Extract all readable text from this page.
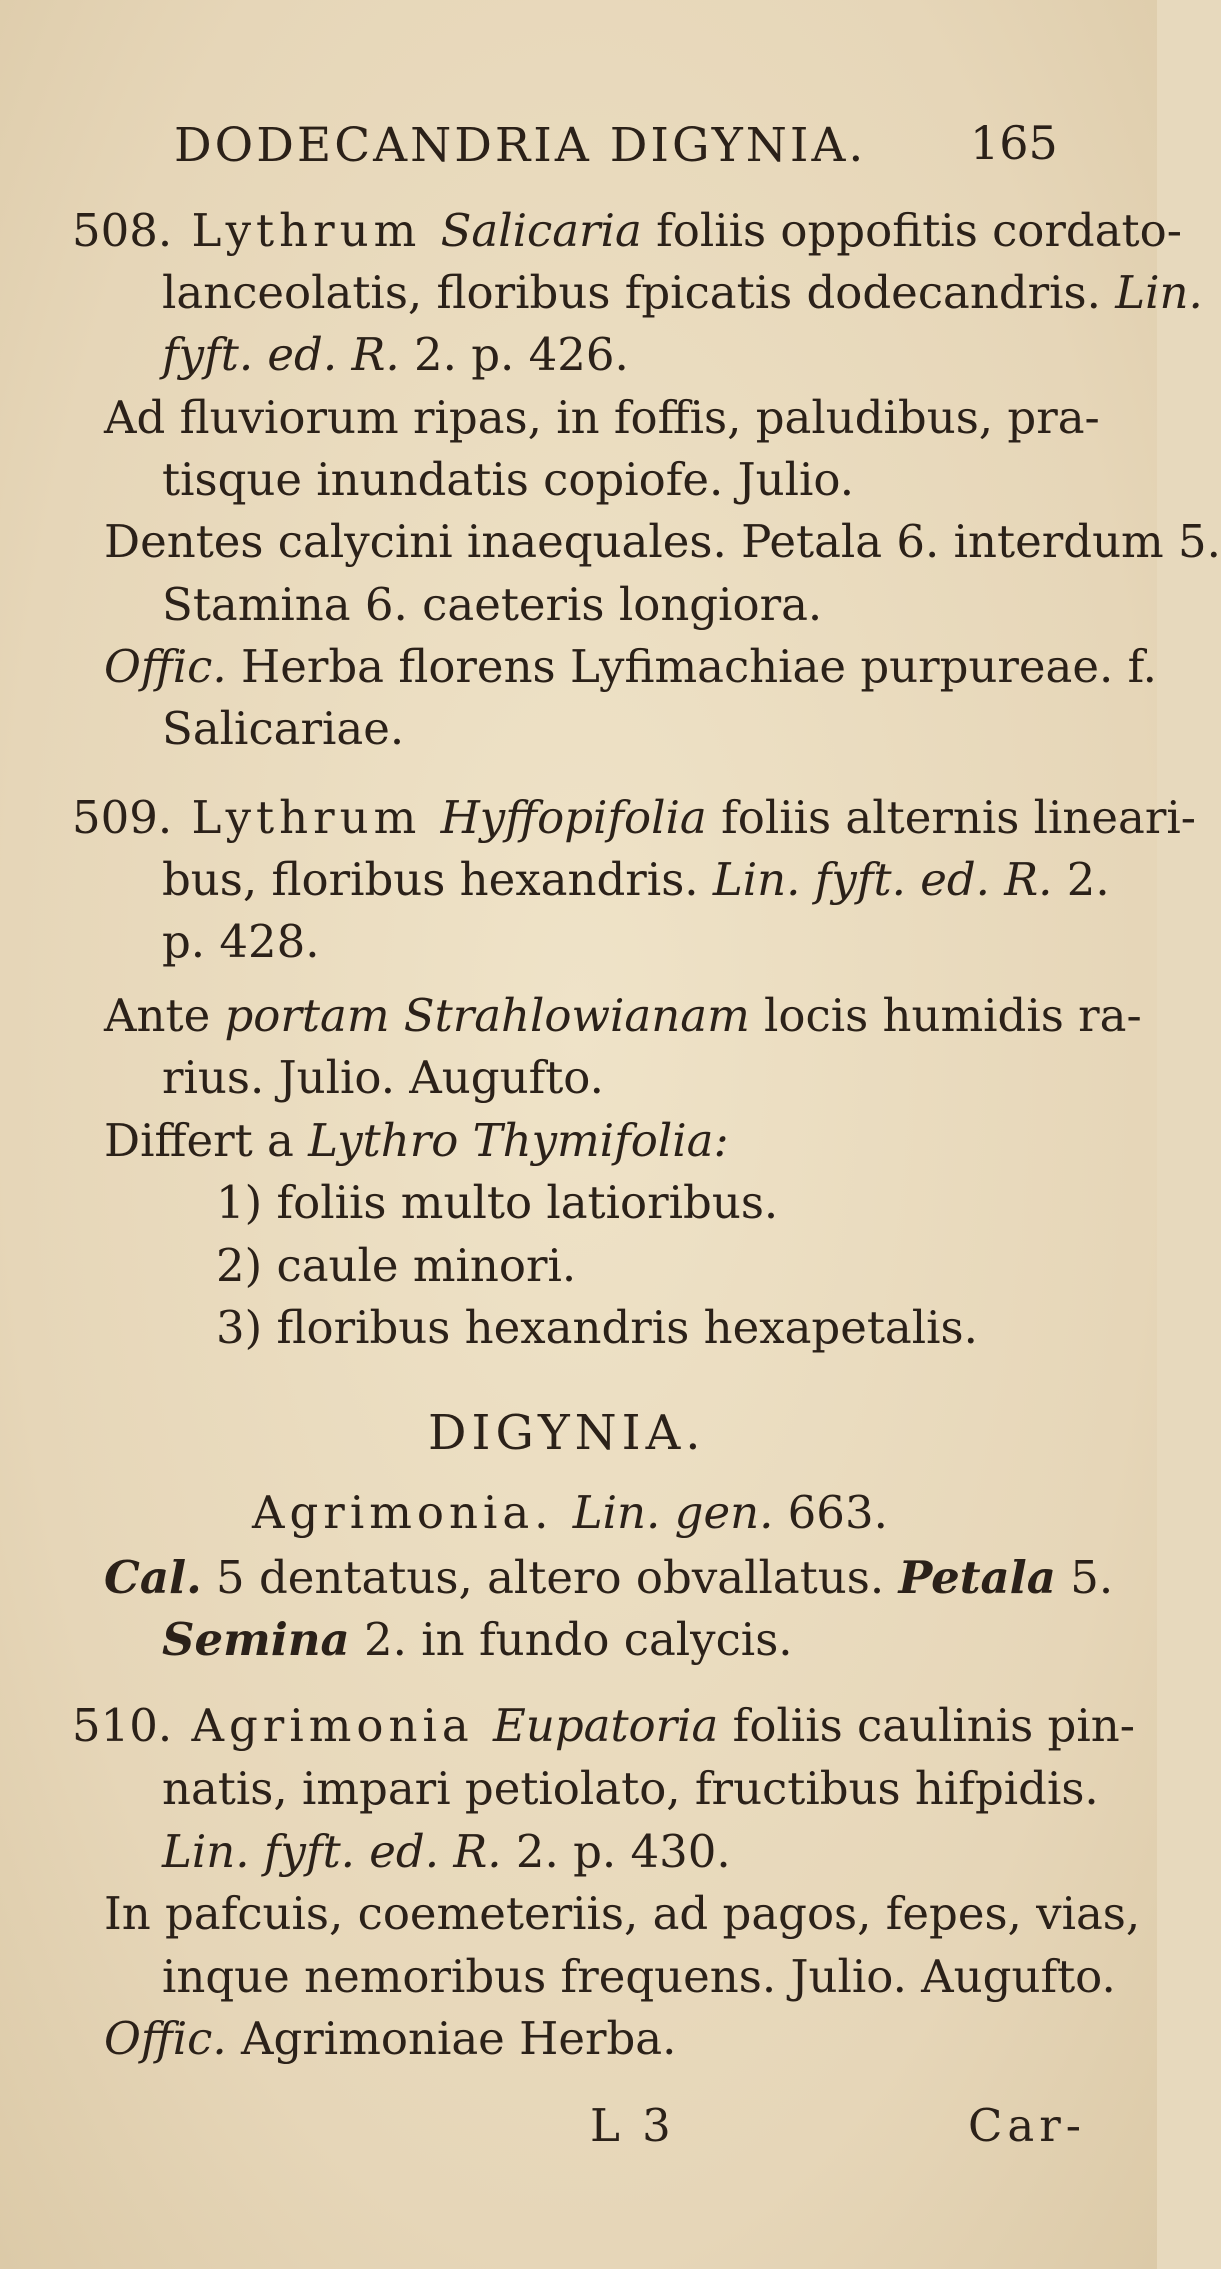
DODECANDRIA DIGYNIA. 165
508. Lythrum Salicaria foliis oppofitis cordato-
lanceolatis, floribus fpicatis dodecandris. Lin.
fyft. ed. R. 2. p. 426.
Ad fluviorum ripas, in foffis, paludibus, pra-
tisque inundatis copiofe. Julio.
Dentes calycini inaequales. Petala 6. interdum 5.
Stamina 6. caeteris longiora.
Offic. Herba florens Lyfimachiae purpureae. f.
Salicariae.
509. Lythrum Hyffopifolia foliis alternis lineari-
bus, floribus hexandris. Lin. fyft. ed. R. 2.
p. 428.
Ante portam Strahlowianam locis humidis ra-
rius. Julio. Augufto.
Differt a Lythro Thymifolia:
1) foliis multo latioribus.
2) caule minori.
3) floribus hexandris hexapetalis.
DIGYNIA.
Agrimonia. Lin. gen. 663.
Cal. 5 dentatus, altero obvallatus. Petala 5.
Semina 2. in fundo calycis.
510. Agrimonia Eupatoria foliis caulinis pin-
natis, impari petiolato, fructibus hifpidis.
Lin. fyft. ed. R. 2. p. 430.
In pafcuis, coemeteriis, ad pagos, fepes, vias,
inque nemoribus frequens. Julio. Augufto.
Offic. Agrimoniae Herba.
L 3	Car-
